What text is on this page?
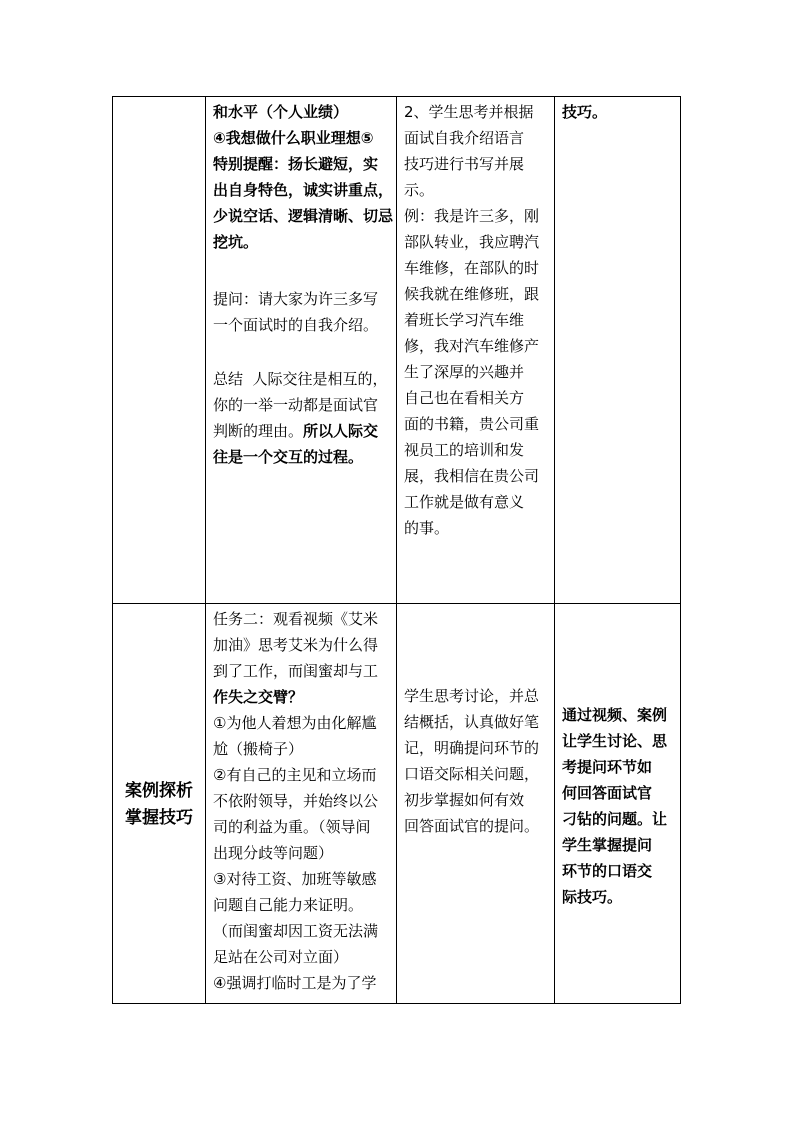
和水平（个人业绩）

④我想做什么职业理想⑤

特别提醒：扬长避短，实

出自身特色，诚实讲重点，

少说空话、逻辑清晰、切忌

挖坑。

提问：请大家为许三多写

一个面试时的自我介绍。

总结  人际交往是相互的，

你的一举一动都是面试官

判断的理由。所以人际交

往是一个交互的过程。

2、学生思考并根据

面试自我介绍语言

技巧进行书写并展

示。

例：我是许三多，刚

部队转业，我应聘汽

车维修，在部队的时

候我就在维修班，跟

着班长学习汽车维

修，我对汽车维修产

生了深厚的兴趣并

自己也在看相关方

面的书籍，贵公司重

视员工的培训和发

展，我相信在贵公司

工作就是做有意义

的事。

技巧。

案例探析
掌握技巧

任务二：观看视频《艾米

加油》思考艾米为什么得

到了工作，而闺蜜却与工

作失之交臂？

①为他人着想为由化解尴

尬（搬椅子）

②有自己的主见和立场而

不依附领导，并始终以公

司的利益为重。（领导间

出现分歧等问题）

③对待工资、加班等敏感

问题自己能力来证明。

（而闺蜜却因工资无法满

足站在公司对立面）

④强调打临时工是为了学

学生思考讨论，并总

结概括，认真做好笔

记，明确提问环节的

口语交际相关问题，

初步掌握如何有效

回答面试官的提问。

通过视频、案例

让学生讨论、思

考提问环节如

何回答面试官

刁钻的问题。让

学生掌握提问

环节的口语交

际技巧。
